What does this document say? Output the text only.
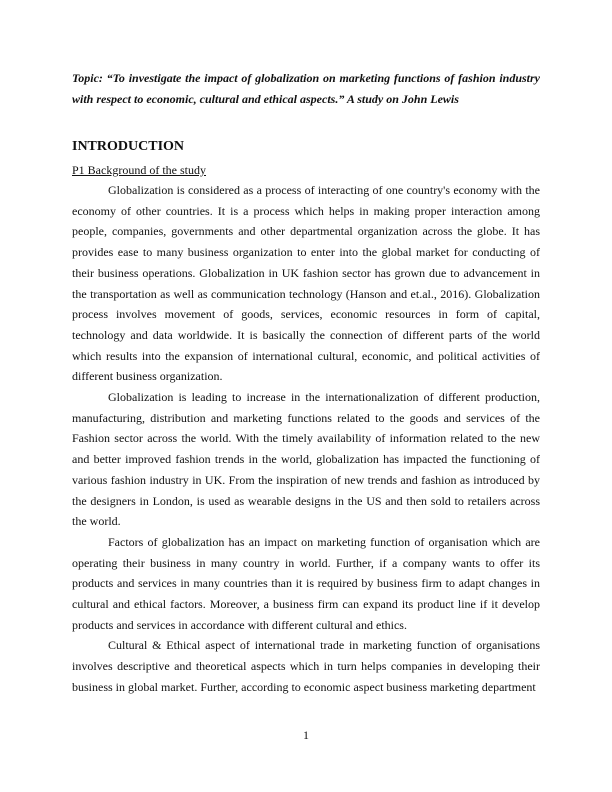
Topic: “To investigate the impact of globalization on marketing functions of fashion industry with respect to economic, cultural and ethical aspects.” A study on John Lewis

INTRODUCTION

P1 Background of the study

Globalization is considered as a process of interacting of one country's economy with the economy of other countries. It is a process which helps in making proper interaction among people, companies, governments and other departmental organization across the globe. It has provides ease to many business organization to enter into the global market for conducting of their business operations. Globalization in UK fashion sector has grown due to advancement in the transportation as well as communication technology (Hanson and et.al., 2016). Globalization process involves movement of goods, services, economic resources in form of capital, technology and data worldwide. It is basically the connection of different parts of the world which results into the expansion of international cultural, economic, and political activities of different business organization.

Globalization is leading to increase in the internationalization of different production, manufacturing, distribution and marketing functions related to the goods and services of the Fashion sector across the world. With the timely availability of information related to the new and better improved fashion trends in the world, globalization has impacted the functioning of various fashion industry in UK. From the inspiration of new trends and fashion as introduced by the designers in London, is used as wearable designs in the US and then sold to retailers across the world.

Factors of globalization has an impact on marketing function of organisation which are operating their business in many country in world. Further, if a company wants to offer its products and services in many countries than it is required by business firm to adapt changes in cultural and ethical factors. Moreover, a business firm can expand its product line if it develop products and services in accordance with different cultural and ethics.

Cultural & Ethical aspect of international trade in marketing function of organisations involves descriptive and theoretical aspects which in turn helps companies in developing their business in global market. Further, according to economic aspect business marketing department

1
